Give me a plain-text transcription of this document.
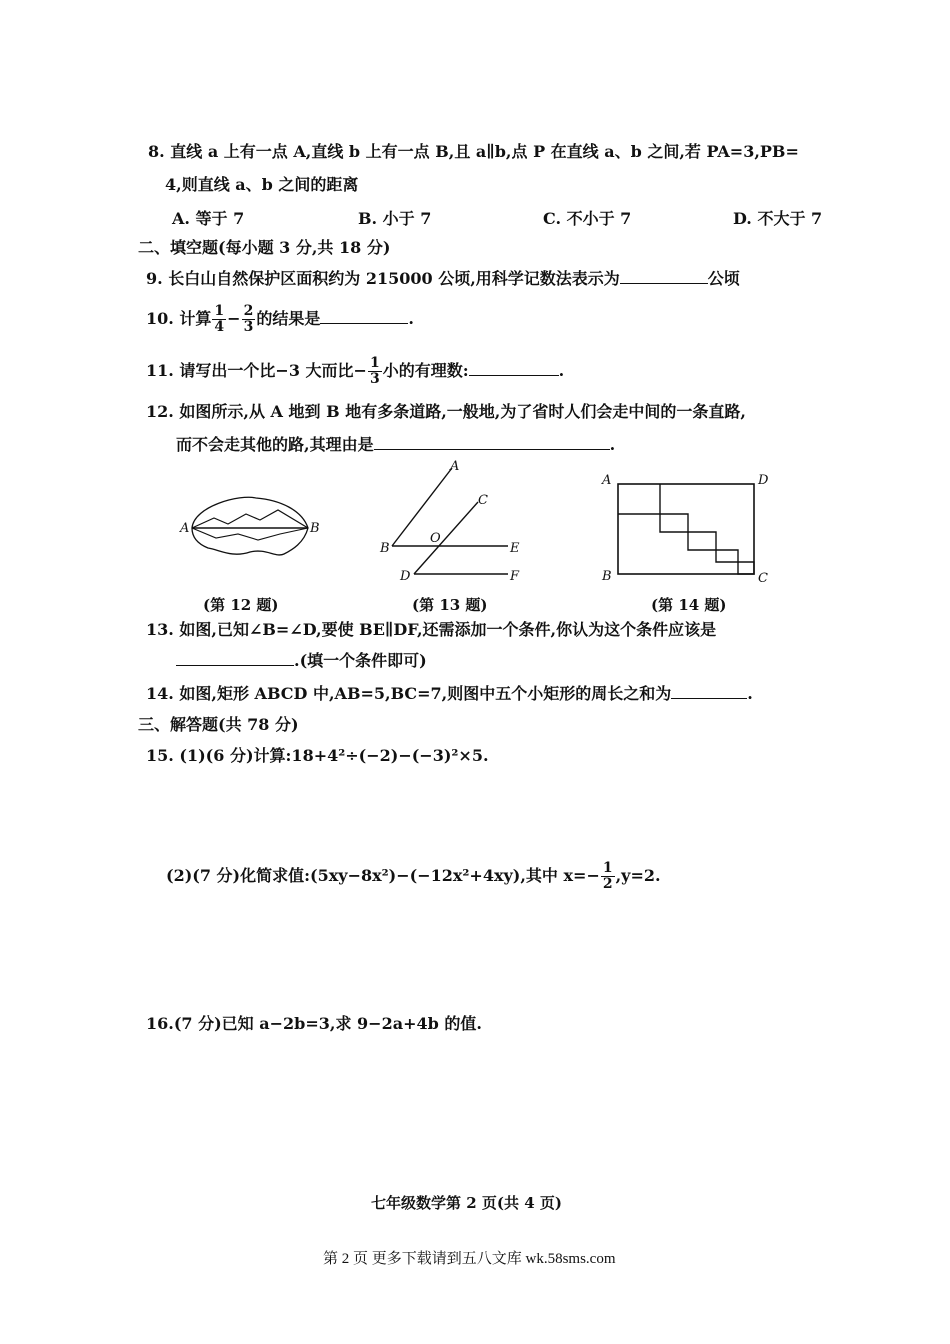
8. 直线 a 上有一点 A,直线 b 上有一点 B,且 a∥b,点 P 在直线 a、b 之间,若 PA=3,PB=
4,则直线 a、b 之间的距离
A. 等于 7	B. 小于 7	C. 不小于 7	D. 不大于 7
二、填空题(每小题 3 分,共 18 分)
9. 长白山自然保护区面积约为 215000 公顷,用科学记数法表示为	公顷
10. 计算 $\frac{1}{4} - \frac{2}{3}$ 的结果是	.
11. 请写出一个比−3 大而比− $\frac{1}{3}$ 小的有理数:	.
12. 如图所示,从 A 地到 B 地有多条道路,一般地,为了省时人们会走中间的一条直路,
而不会走其他的路,其理由是	.
A	B
(第 12 题)
A
C
B
O
E
D	F
(第 13 题)
A	D
B	C
(第 14 题)
13. 如图,已知∠B=∠D,要使 BE∥DF,还需添加一个条件,你认为这个条件应该是
.(填一个条件即可)
14. 如图,矩形 ABCD 中,AB=5,BC=7,则图中五个小矩形的周长之和为	.
三、解答题(共 78 分)
15. (1)(6 分)计算:18+4²÷(−2)−(−3)²×5.
(2)(7 分)化简求值:(5xy−8x²)−(−12x²+4xy),其中 $x=- \frac{1}{2} ,y=2$.
16.(7 分)已知 a−2b=3,求 9−2a+4b 的值.
七年级数学第 2 页(共 4 页)
第 2 页 更多下载请到五八文库 wk.58sms.com
